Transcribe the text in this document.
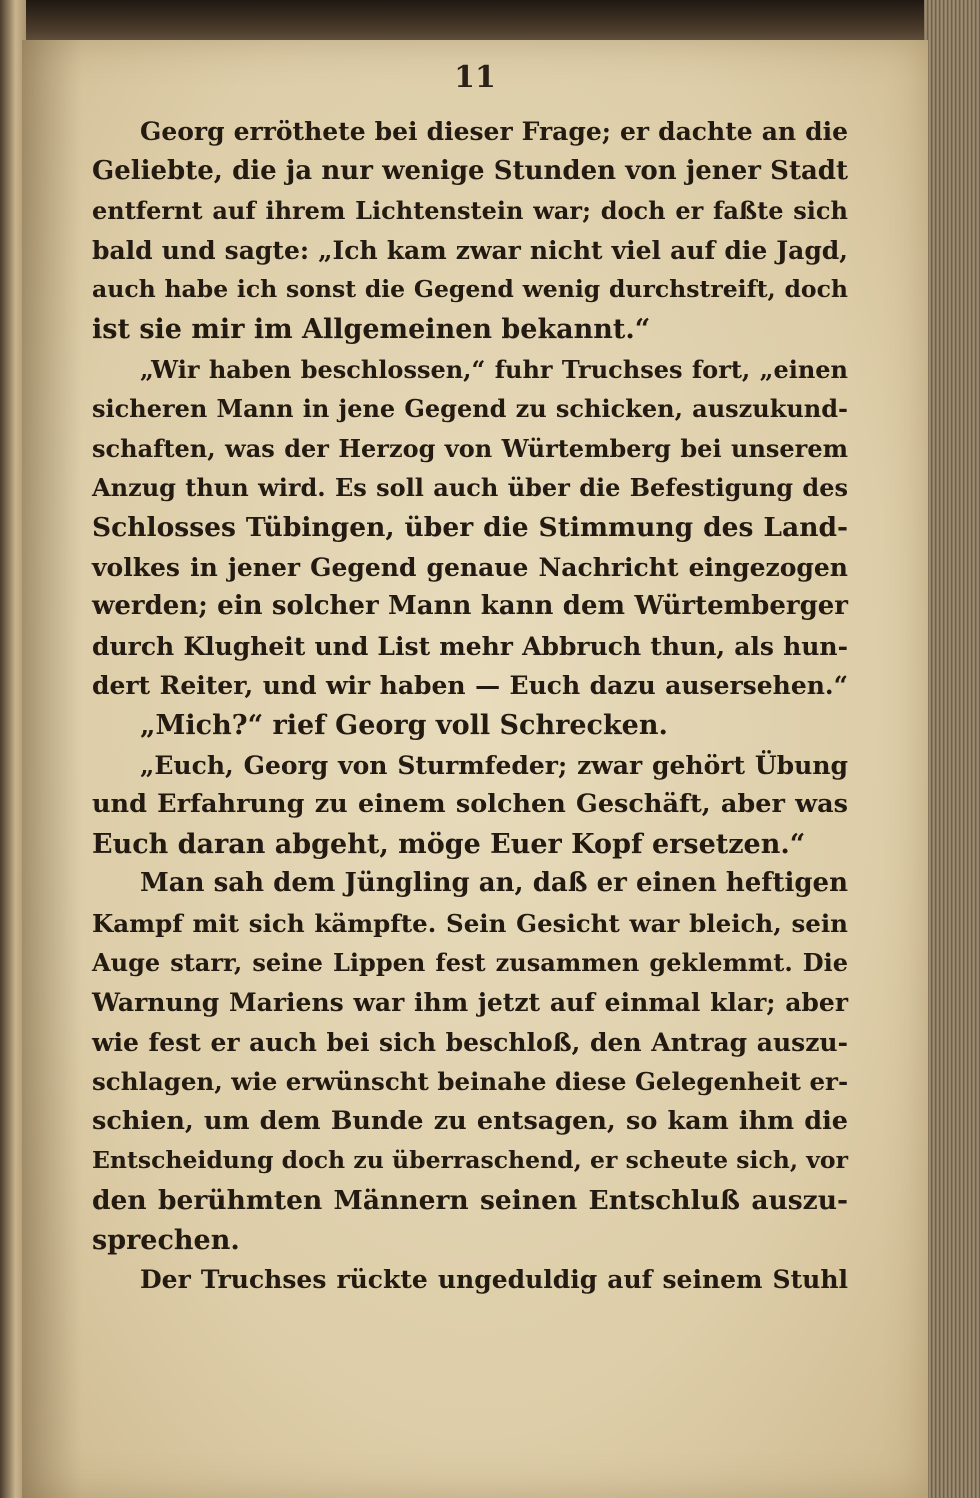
11
Georg erröthete bei dieser Frage; er dachte an die
Geliebte, die ja nur wenige Stunden von jener Stadt
entfernt auf ihrem Lichtenstein war; doch er faßte sich
bald und sagte: „Ich kam zwar nicht viel auf die Jagd,
auch habe ich sonst die Gegend wenig durchstreift, doch
ist sie mir im Allgemeinen bekannt.“
„Wir haben beschlossen,“ fuhr Truchses fort, „einen
sicheren Mann in jene Gegend zu schicken, auszukund-
schaften, was der Herzog von Würtemberg bei unserem
Anzug thun wird. Es soll auch über die Befestigung des
Schlosses Tübingen, über die Stimmung des Land-
volkes in jener Gegend genaue Nachricht eingezogen
werden; ein solcher Mann kann dem Würtemberger
durch Klugheit und List mehr Abbruch thun, als hun-
dert Reiter, und wir haben — Euch dazu ausersehen.“
„Mich?“ rief Georg voll Schrecken.
„Euch, Georg von Sturmfeder; zwar gehört Übung
und Erfahrung zu einem solchen Geschäft, aber was
Euch daran abgeht, möge Euer Kopf ersetzen.“
Man sah dem Jüngling an, daß er einen heftigen
Kampf mit sich kämpfte. Sein Gesicht war bleich, sein
Auge starr, seine Lippen fest zusammen geklemmt. Die
Warnung Mariens war ihm jetzt auf einmal klar; aber
wie fest er auch bei sich beschloß, den Antrag auszu-
schlagen, wie erwünscht beinahe diese Gelegenheit er-
schien, um dem Bunde zu entsagen, so kam ihm die
Entscheidung doch zu überraschend, er scheute sich, vor
den berühmten Männern seinen Entschluß auszu-
sprechen.
Der Truchses rückte ungeduldig auf seinem Stuhl
